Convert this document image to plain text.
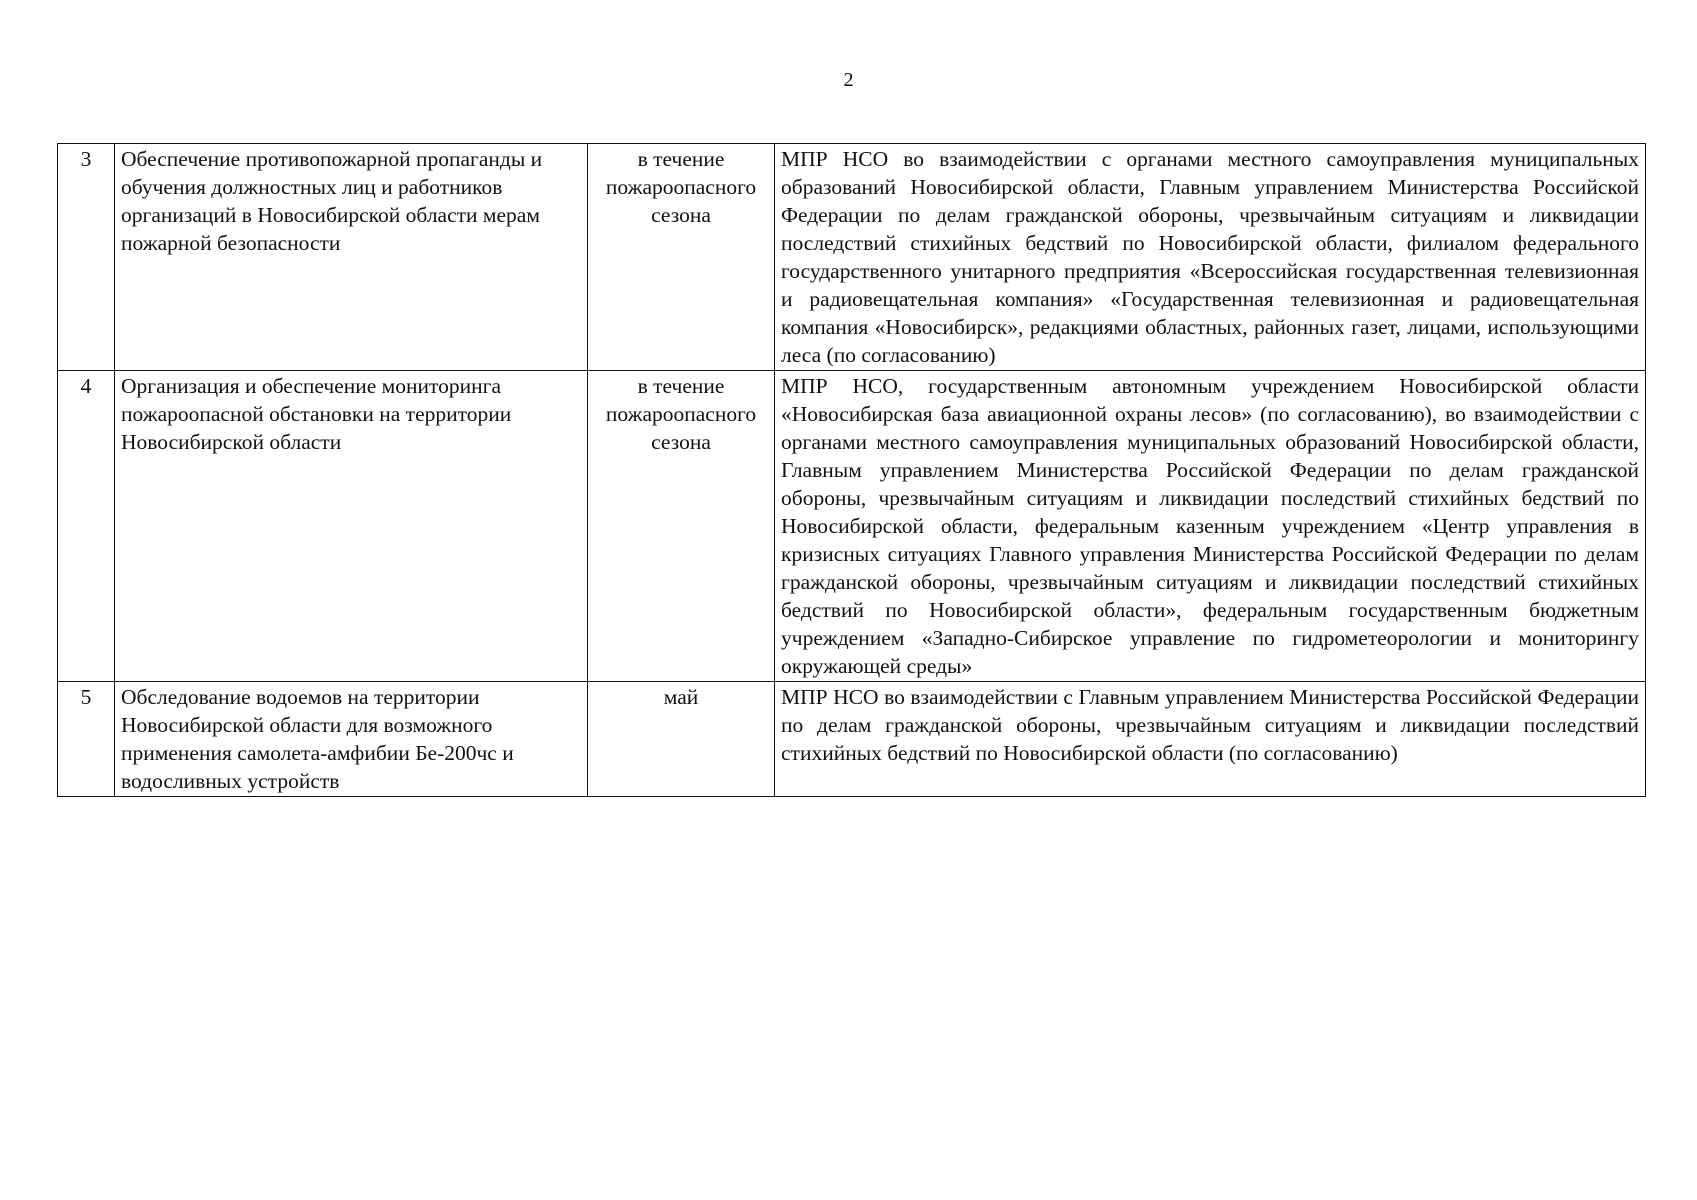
2
3	Обеспечение противопожарной пропаганды и обучения должностных лиц и работников организаций в Новосибирской области мерам пожарной безопасности	в течение пожароопасного сезона	МПР НСО во взаимодействии с органами местного самоуправления муниципальных образований Новосибирской области, Главным управлением Министерства Российской Федерации по делам гражданской обороны, чрезвычайным ситуациям и ликвидации последствий стихийных бедствий по Новосибирской области, филиалом федерального государственного унитарного предприятия «Всероссийская государственная телевизионная и радиовещательная компания» «Государственная телевизионная и радиовещательная компания «Новосибирск», редакциями областных, районных газет, лицами, использующими леса (по согласованию)
4	Организация и обеспечение мониторинга пожароопасной обстановки на территории Новосибирской области	в течение пожароопасного сезона	МПР НСО, государственным автономным учреждением Новосибирской области «Новосибирская база авиационной охраны лесов» (по согласованию), во взаимодействии с органами местного самоуправления муниципальных образований Новосибирской области, Главным управлением Министерства Российской Федерации по делам гражданской обороны, чрезвычайным ситуациям и ликвидации последствий стихийных бедствий по Новосибирской области, федеральным казенным учреждением «Центр управления в кризисных ситуациях Главного управления Министерства Российской Федерации по делам гражданской обороны, чрезвычайным ситуациям и ликвидации последствий стихийных бедствий по Новосибирской области», федеральным государственным бюджетным учреждением «Западно-Сибирское управление по гидрометеорологии и мониторингу окружающей среды»
5	Обследование водоемов на территории Новосибирской области для возможного применения самолета-амфибии Бе-200чс и водосливных устройств	май	МПР НСО во взаимодействии с Главным управлением Министерства Российской Федерации по делам гражданской обороны, чрезвычайным ситуациям и ликвидации последствий стихийных бедствий по Новосибирской области (по согласованию)
